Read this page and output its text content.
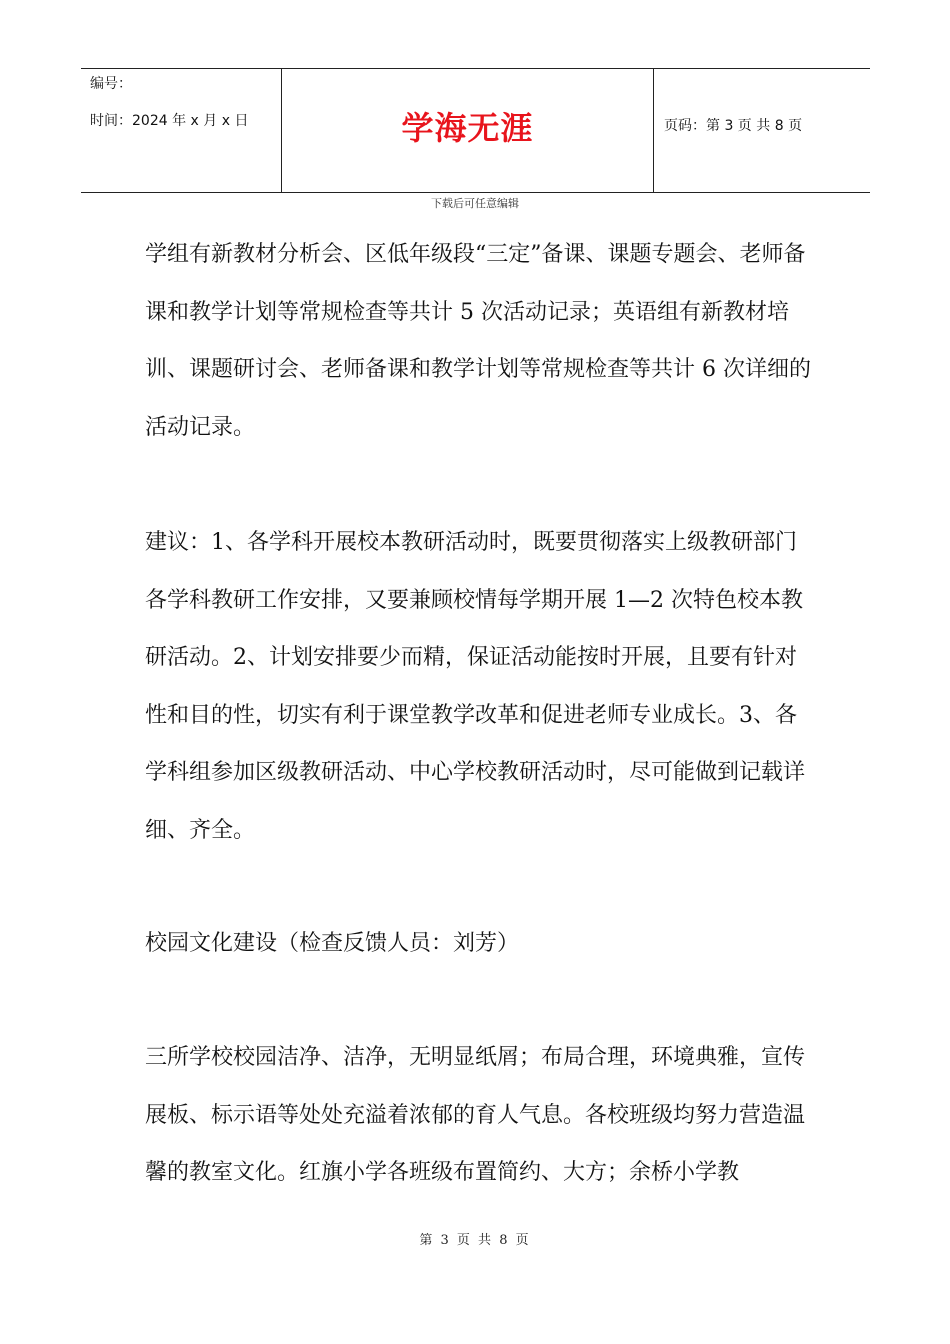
编号：
时间：2024 年 x 月 x 日	学海无涯	页码：第 3 页 共 8 页
下载后可任意编辑

学组有新教材分析会、区低年级段“三定”备课、课题专题会、老师备课和教学计划等常规检查等共计 5 次活动记录；英语组有新教材培训、课题研讨会、老师备课和教学计划等常规检查等共计 6 次详细的活动记录。

建议：1、各学科开展校本教研活动时，既要贯彻落实上级教研部门各学科教研工作安排，又要兼顾校情每学期开展 1—2 次特色校本教研活动。2、计划安排要少而精，保证活动能按时开展，且要有针对性和目的性，切实有利于课堂教学改革和促进老师专业成长。3、各学科组参加区级教研活动、中心学校教研活动时，尽可能做到记载详细、齐全。

校园文化建设（检查反馈人员：刘芳）

三所学校校园洁净、洁净，无明显纸屑；布局合理，环境典雅，宣传展板、标示语等处处充溢着浓郁的育人气息。各校班级均努力营造温馨的教室文化。红旗小学各班级布置简约、大方；余桥小学教

第 3 页 共 8 页
